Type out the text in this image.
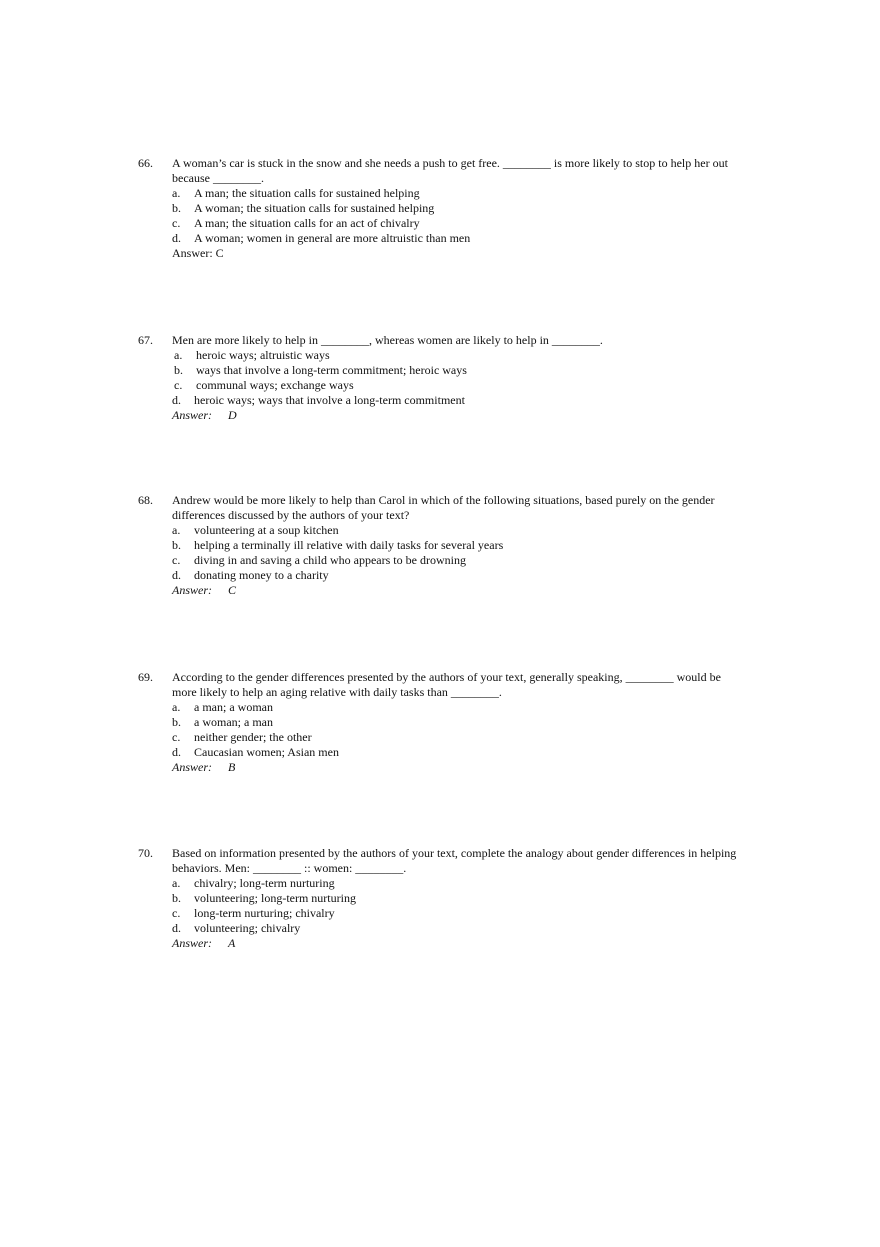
66. A woman’s car is stuck in the snow and she needs a push to get free. ________ is more likely to stop to help her out because ________.

a. A man; the situation calls for sustained helping
b. A woman; the situation calls for sustained helping
c. A man; the situation calls for an act of chivalry
d. A woman; women in general are more altruistic than men
Answer: C
67. Men are more likely to help in ________, whereas women are likely to help in ________.

a. heroic ways; altruistic ways
b. ways that involve a long-term commitment; heroic ways
c. communal ways; exchange ways
d. heroic ways; ways that involve a long-term commitment
Answer: D
68. Andrew would be more likely to help than Carol in which of the following situations, based purely on the gender differences discussed by the authors of your text?

a. volunteering at a soup kitchen
b. helping a terminally ill relative with daily tasks for several years
c. diving in and saving a child who appears to be drowning
d. donating money to a charity
Answer: C
69. According to the gender differences presented by the authors of your text, generally speaking, ________ would be more likely to help an aging relative with daily tasks than ________.

a. a man; a woman
b. a woman; a man
c. neither gender; the other
d. Caucasian women; Asian men
Answer: B
70. Based on information presented by the authors of your text, complete the analogy about gender differences in helping behaviors. Men: ________ :: women: ________.

a. chivalry; long-term nurturing
b. volunteering; long-term nurturing
c. long-term nurturing; chivalry
d. volunteering; chivalry
Answer: A
